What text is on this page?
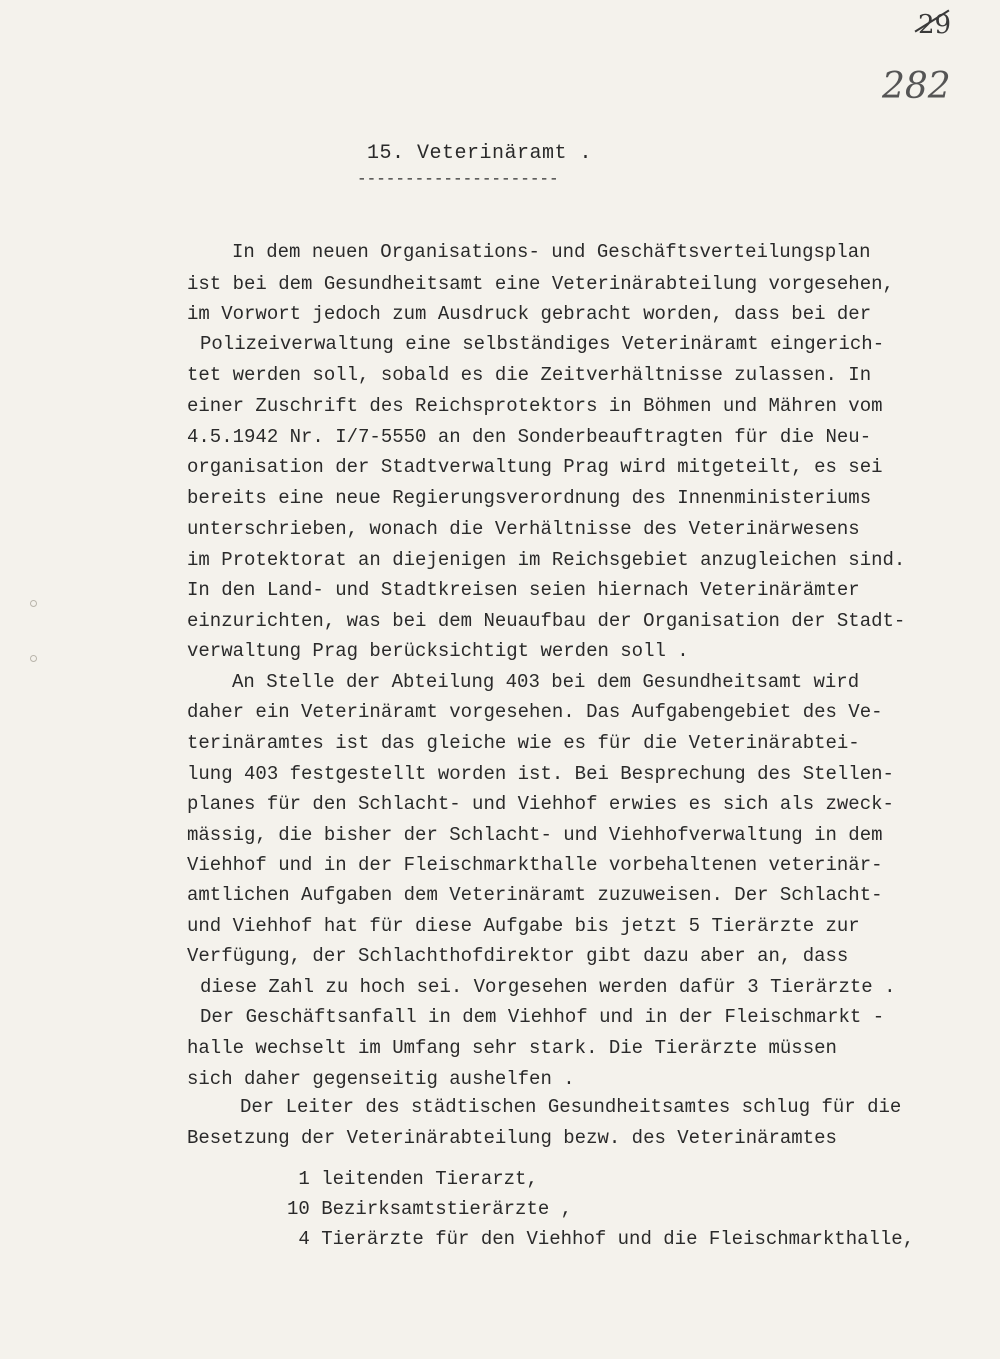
29
282
15. Veterinäramt .
---------------------
In dem neuen Organisations- und Geschäftsverteilungsplan
ist bei dem Gesundheitsamt eine Veterinärabteilung vorgesehen,
im Vorwort jedoch zum Ausdruck gebracht worden, dass bei der
Polizeiverwaltung eine selbständiges Veterinäramt eingerich-
tet werden soll, sobald es die Zeitverhältnisse zulassen. In
einer Zuschrift des Reichsprotektors in Böhmen und Mähren vom
4.5.1942 Nr. I/7-5550 an den Sonderbeauftragten für die Neu-
organisation der Stadtverwaltung Prag wird mitgeteilt, es sei
bereits eine neue Regierungsverordnung des Innenministeriums
unterschrieben, wonach die Verhältnisse des Veterinärwesens
im Protektorat an diejenigen im Reichsgebiet anzugleichen sind.
In den Land- und Stadtkreisen seien hiernach Veterinärämter
einzurichten, was bei dem Neuaufbau der Organisation der Stadt-
verwaltung Prag berücksichtigt werden soll .
An Stelle der Abteilung 403 bei dem Gesundheitsamt wird
daher ein Veterinäramt vorgesehen. Das Aufgabengebiet des Ve-
terinäramtes ist das gleiche wie es für die Veterinärabtei-
lung 403 festgestellt worden ist. Bei Besprechung des Stellen-
planes für den Schlacht- und Viehhof erwies es sich als zweck-
mässig, die bisher der Schlacht- und Viehhofverwaltung in dem
Viehhof und in der Fleischmarkthalle vorbehaltenen veterinär-
amtlichen Aufgaben dem Veterinäramt zuzuweisen. Der Schlacht-
und Viehhof hat für diese Aufgabe bis jetzt 5 Tierärzte zur
Verfügung, der Schlachthofdirektor gibt dazu aber an, dass
diese Zahl zu hoch sei. Vorgesehen werden dafür 3 Tierärzte .
Der Geschäftsanfall in dem Viehhof und in der Fleischmarkt -
halle wechselt im Umfang sehr stark. Die Tierärzte müssen
sich daher gegenseitig aushelfen .
Der Leiter des städtischen Gesundheitsamtes schlug für die
Besetzung der Veterinärabteilung bezw. des Veterinäramtes
1 leitenden Tierarzt,
10 Bezirksamtstierärzte ,
4 Tierärzte für den Viehhof und die Fleischmarkthalle,
